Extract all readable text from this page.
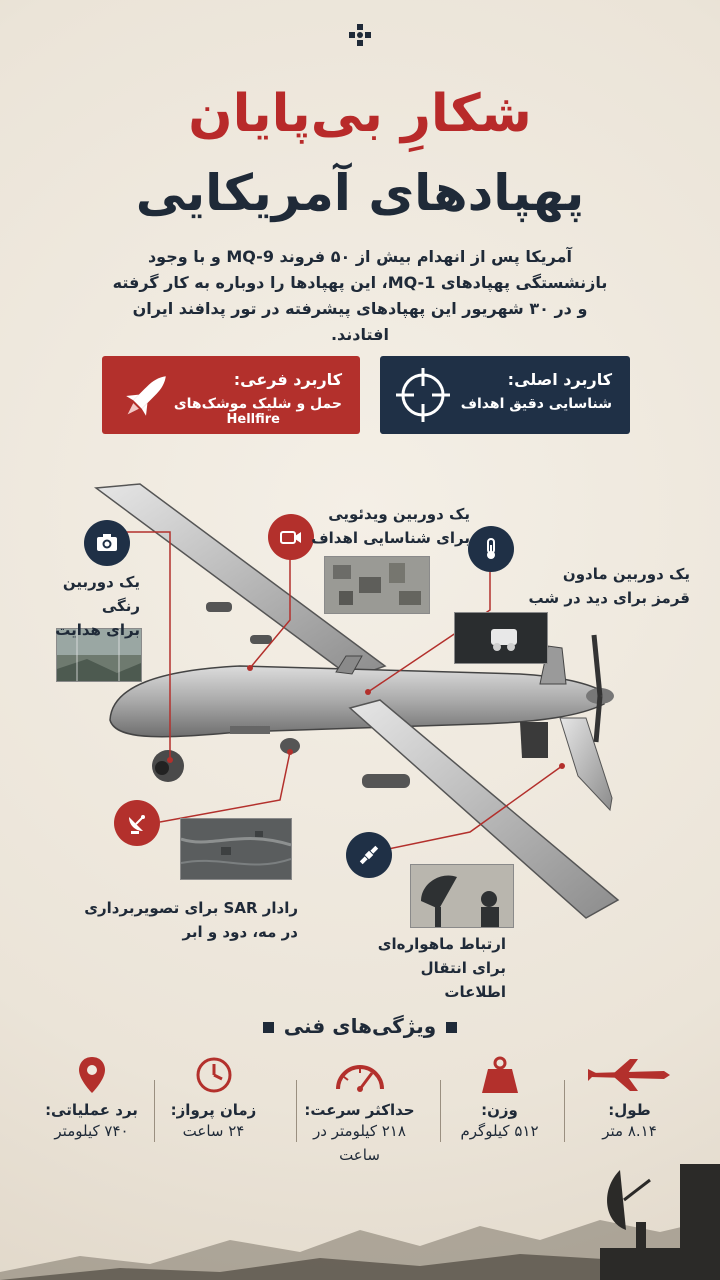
شکارِ بی‌پایان
پهپادهای آمریکایی
آمریکا پس از انهدام بیش از ۵۰ فروند MQ-9 و با وجود بازنشستگی پهپادهای MQ-1، این پهپادها را دوباره به کار گرفته و در ۳۰ شهریور این پهپادهای پیشرفته در تور پدافند ایران افتادند.
کاربرد اصلی:
شناسایی دقیق اهداف
کاربرد فرعی:
حمل و شلیک موشک‌های
Hellfire
یک دوربین رنگی
برای هدایت
یک دوربین ویدئویی
برای شناسایی اهداف
یک دوربین مادون
قرمز برای دید در شب
رادار SAR برای تصویربرداری
در مه، دود و ابر
ارتباط ماهواره‌ای
برای انتقال اطلاعات
ویژگی‌های فنی
طول:
۸.۱۴ متر
وزن:
۵۱۲ کیلوگرم
حداکثر سرعت:
۲۱۸ کیلومتر در ساعت
زمان پرواز:
۲۴ ساعت
برد عملیاتی:
۷۴۰ کیلومتر
